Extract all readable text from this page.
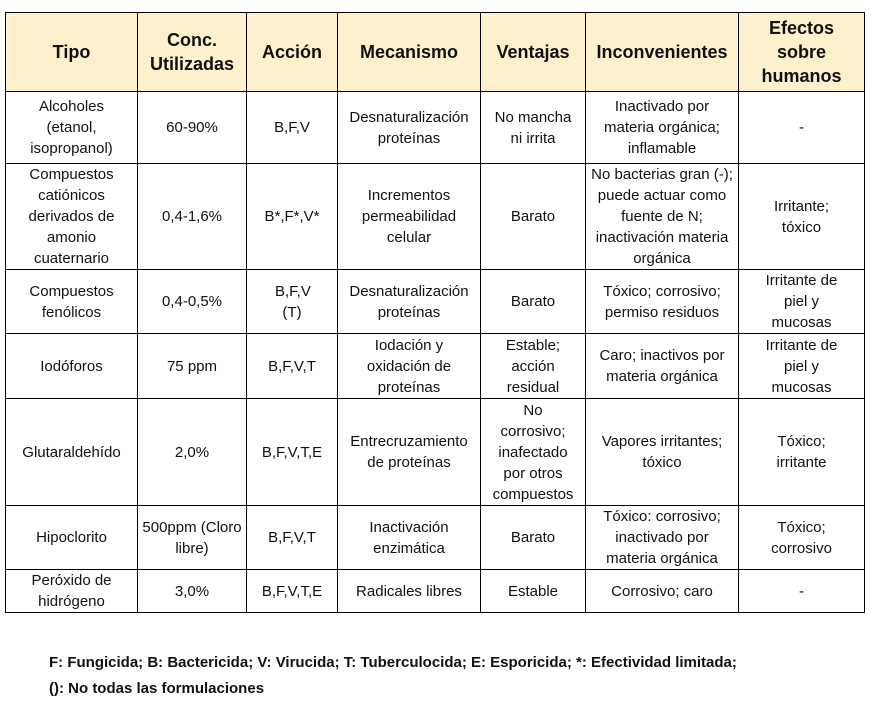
Tipo	Conc. Utilizadas	Acción	Mecanismo	Ventajas	Inconvenientes	Efectos sobre humanos
Alcoholes (etanol, isopropanol)	60-90%	B,F,V	Desnaturalización proteínas	No mancha ni irrita	Inactivado por materia orgánica; inflamable	-
Compuestos catiónicos derivados de amonio cuaternario	0,4-1,6%	B*,F*,V*	Incrementos permeabilidad celular	Barato	No bacterias gran (-); puede actuar como fuente de N; inactivación materia orgánica	Irritante; tóxico
Compuestos fenólicos	0,4-0,5%	B,F,V (T)	Desnaturalización proteínas	Barato	Tóxico; corrosivo; permiso residuos	Irritante de piel y mucosas
Iodóforos	75 ppm	B,F,V,T	Iodación y oxidación de proteínas	Estable; acción residual	Caro; inactivos por materia orgánica	Irritante de piel y mucosas
Glutaraldehído	2,0%	B,F,V,T,E	Entrecruzamiento de proteínas	No corrosivo; inafectado por otros compuestos	Vapores irritantes; tóxico	Tóxico; irritante
Hipoclorito	500ppm (Cloro libre)	B,F,V,T	Inactivación enzimática	Barato	Tóxico: corrosivo; inactivado por materia orgánica	Tóxico; corrosivo
Peróxido de hidrógeno	3,0%	B,F,V,T,E	Radicales libres	Estable	Corrosivo; caro	-
F: Fungicida; B: Bactericida; V: Virucida; T: Tuberculocida; E: Esporicida; *: Efectividad limitada;
(): No todas las formulaciones
